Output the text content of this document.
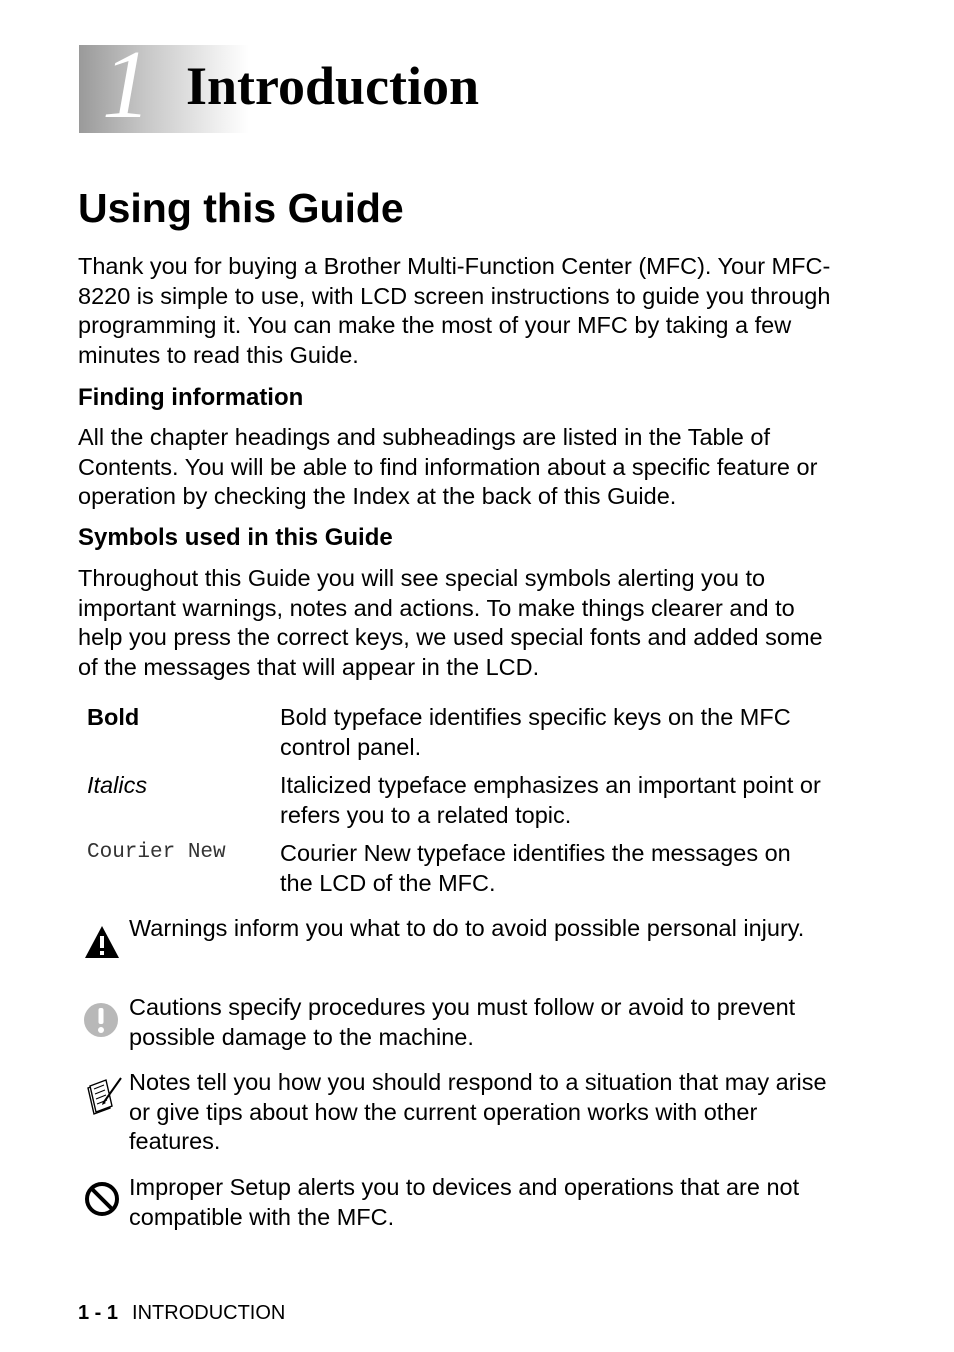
1 Introduction
Using this Guide

Thank you for buying a Brother Multi-Function Center (MFC). Your MFC-8220 is simple to use, with LCD screen instructions to guide you through programming it. You can make the most of your MFC by taking a few minutes to read this Guide.

Finding information

All the chapter headings and subheadings are listed in the Table of Contents. You will be able to find information about a specific feature or operation by checking the Index at the back of this Guide.

Symbols used in this Guide

Throughout this Guide you will see special symbols alerting you to important warnings, notes and actions. To make things clearer and to help you press the correct keys, we used special fonts and added some of the messages that will appear in the LCD.

Bold	Bold typeface identifies specific keys on the MFC control panel.
Italics	Italicized typeface emphasizes an important point or refers you to a related topic.
Courier New Courier New typeface identifies the messages on the LCD of the MFC.
Warnings inform you what to do to avoid possible personal injury.
Cautions specify procedures you must follow or avoid to prevent possible damage to the machine.
Notes tell you how you should respond to a situation that may arise or give tips about how the current operation works with other features.
Improper Setup alerts you to devices and operations that are not compatible with the MFC.
1 - 1 INTRODUCTION
